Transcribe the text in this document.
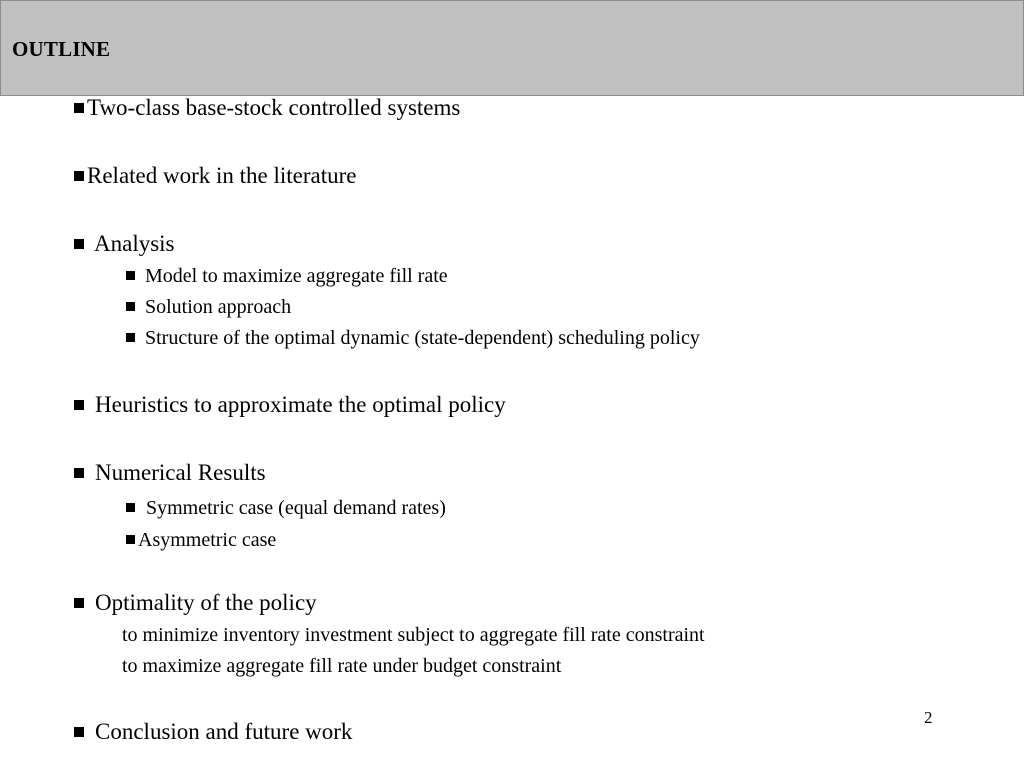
OUTLINE
Two-class base-stock controlled systems
Related work in the literature
Analysis
Model to maximize aggregate fill rate
Solution approach
Structure of the optimal dynamic (state-dependent) scheduling policy
Heuristics to approximate the optimal policy
Numerical Results
Symmetric case (equal demand rates)
Asymmetric case
Optimality of the policy
to minimize inventory investment subject to aggregate fill rate constraint
to maximize aggregate fill rate under budget constraint
Conclusion and future work
2
